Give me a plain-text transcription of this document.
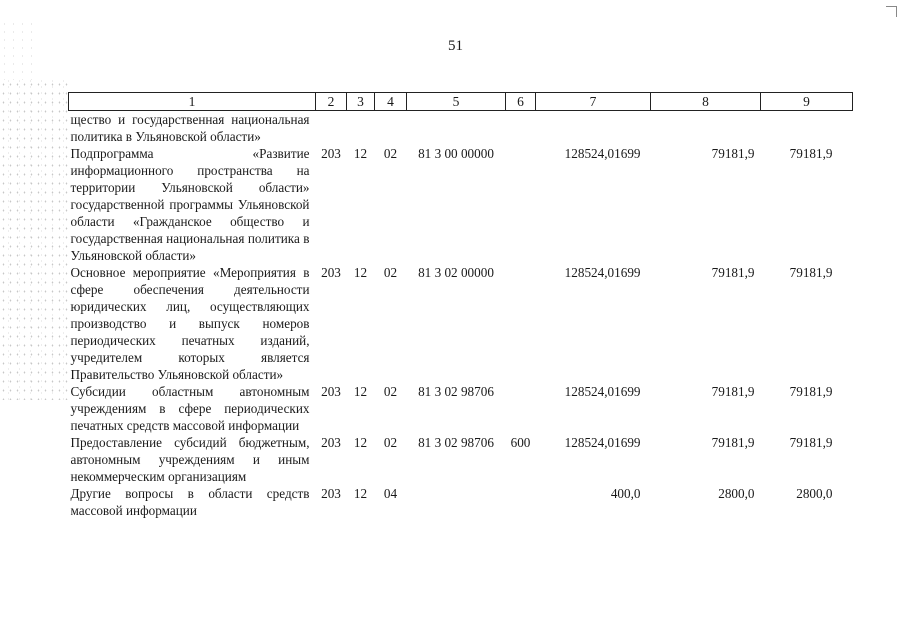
51
1	2	3	4	5	6	7	8	9
щество и государственная национальная политика в Ульяновской области»								
Подпрограмма «Развитие информационного пространства на территории Ульяновской области» государственной программы Ульяновской области «Гражданское общество и государственная национальная политика в Ульяновской области»	203	12	02	81 3 00 00000		128524,01699	79181,9	79181,9
Основное мероприятие «Мероприятия в сфере обеспечения деятельности юридических лиц, осуществляющих производство и выпуск номеров периодических печатных изданий, учредителем которых является Правительство Ульяновской области»	203	12	02	81 3 02 00000		128524,01699	79181,9	79181,9
Субсидии областным автономным учреждениям в сфере периодических печатных средств массовой информации	203	12	02	81 3 02 98706		128524,01699	79181,9	79181,9
Предоставление субсидий бюджетным, автономным учреждениям и иным некоммерческим организациям	203	12	02	81 3 02 98706	600	128524,01699	79181,9	79181,9
Другие вопросы в области средств массовой информации	203	12	04			400,0	2800,0	2800,0
